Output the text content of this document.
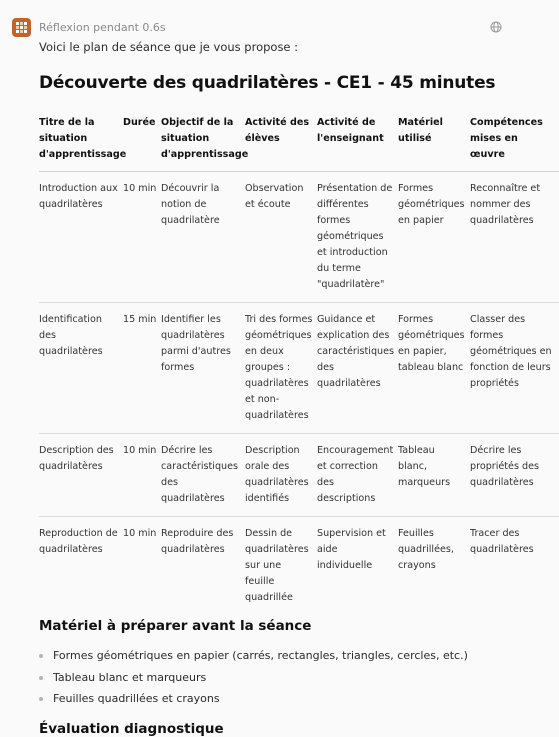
Réflexion pendant 0.6s
Voici le plan de séance que je vous propose :
Découverte des quadrilatères - CE1 - 45 minutes
Titre de la situation d'apprentissage	Durée	Objectif de la situation d'apprentissage	Activité des élèves	Activité de l'enseignant	Matériel utilisé	Compétences mises en œuvre
Introduction aux quadrilatères	10 min	Découvrir la notion de quadrilatère	Observation et écoute	Présentation de différentes formes géométriques et introduction du terme "quadrilatère"	Formes géométriques en papier	Reconnaître et nommer des quadrilatères
Identification des quadrilatères	15 min	Identifier les quadrilatères parmi d'autres formes	Tri des formes géométriques en deux groupes : quadrilatères et non-quadrilatères	Guidance et explication des caractéristiques des quadrilatères	Formes géométriques en papier, tableau blanc	Classer des formes géométriques en fonction de leurs propriétés
Description des quadrilatères	10 min	Décrire les caractéristiques des quadrilatères	Description orale des quadrilatères identifiés	Encouragement et correction des descriptions	Tableau blanc, marqueurs	Décrire les propriétés des quadrilatères
Reproduction de quadrilatères	10 min	Reproduire des quadrilatères	Dessin de quadrilatères sur une feuille quadrillée	Supervision et aide individuelle	Feuilles quadrillées, crayons	Tracer des quadrilatères
Matériel à préparer avant la séance
Formes géométriques en papier (carrés, rectangles, triangles, cercles, etc.)
Tableau blanc et marqueurs
Feuilles quadrillées et crayons
Évaluation diagnostique
